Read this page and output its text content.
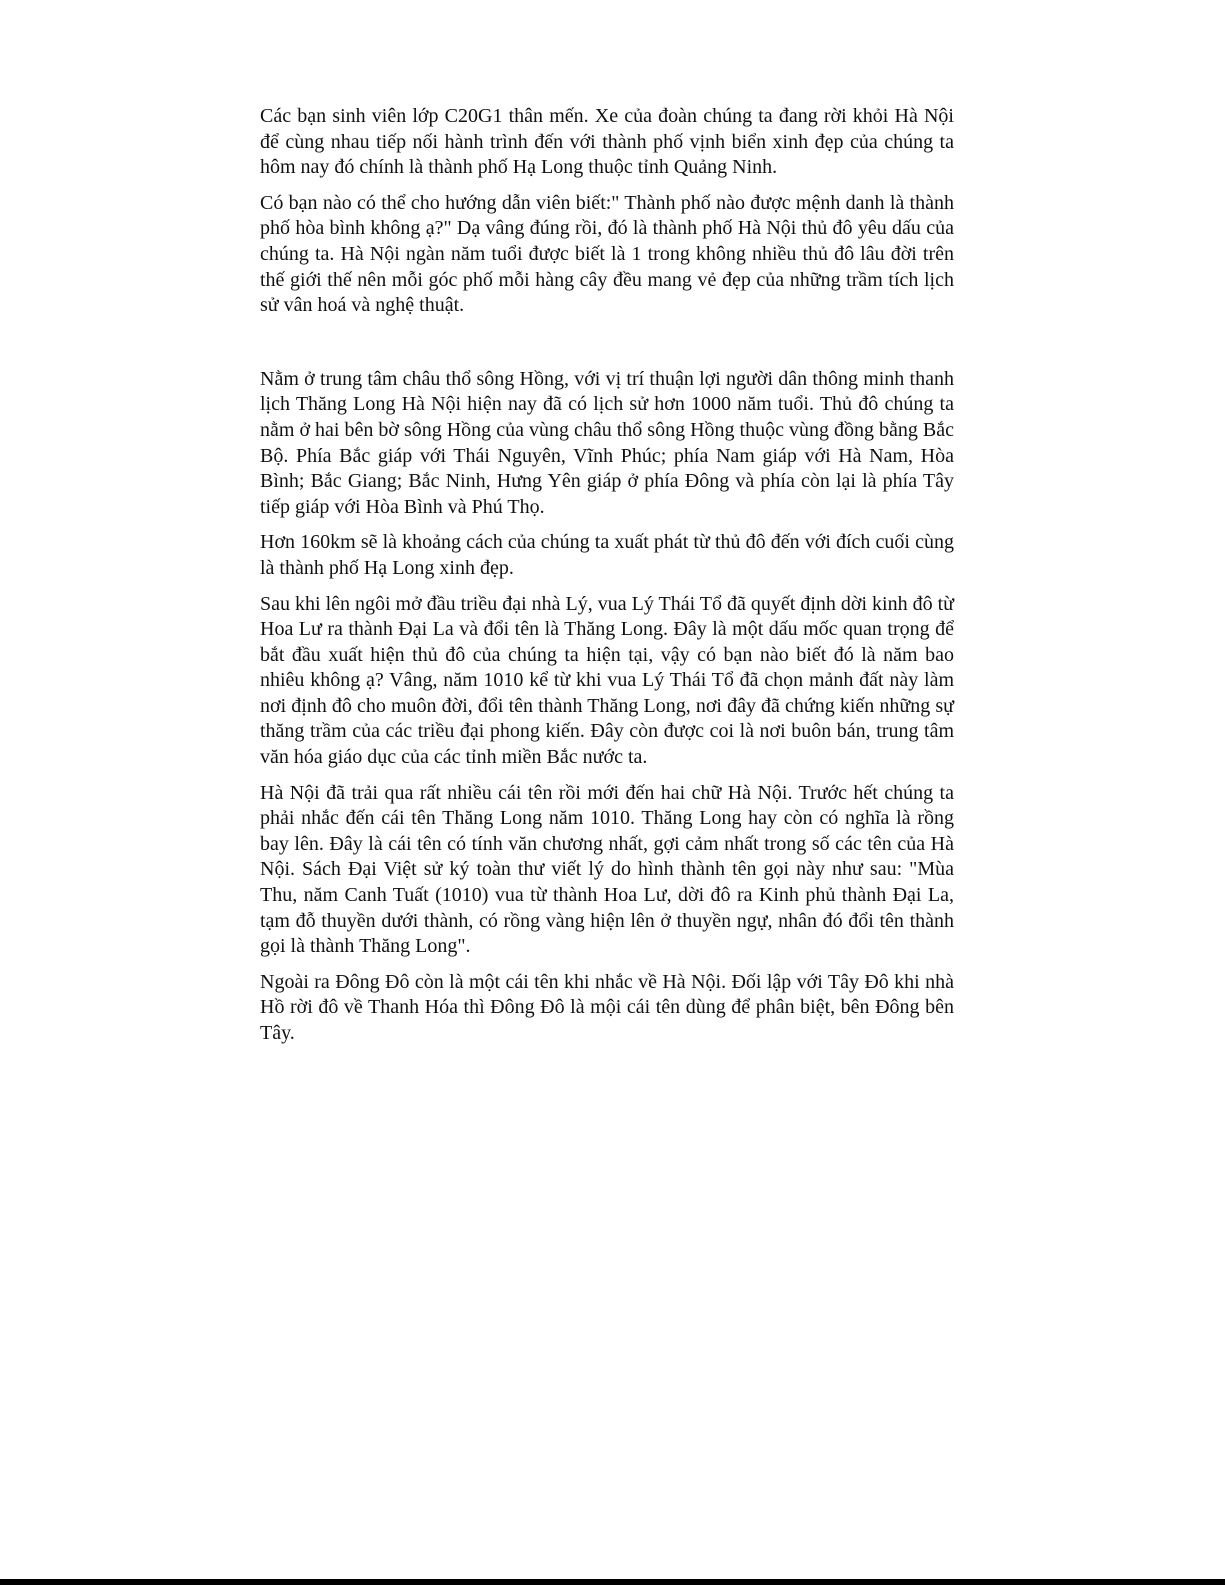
Các bạn sinh viên lớp C20G1 thân mến. Xe của đoàn chúng ta đang rời khỏi Hà Nội để cùng nhau tiếp nối hành trình đến với thành phố vịnh biển xinh đẹp của chúng ta hôm nay đó chính là thành phố Hạ Long thuộc tỉnh Quảng Ninh.

Có bạn nào có thể cho hướng dẫn viên biết:" Thành phố nào được mệnh danh là thành phố hòa bình không ạ?" Dạ vâng đúng rồi, đó là thành phố Hà Nội thủ đô yêu dấu của chúng ta. Hà Nội ngàn năm tuổi được biết là 1 trong không nhiều thủ đô lâu đời trên thế giới thế nên mỗi góc phố mỗi hàng cây đều mang vẻ đẹp của những trầm tích lịch sử vân hoá và nghệ thuật.

Nằm ở trung tâm châu thổ sông Hồng, với vị trí thuận lợi người dân thông minh thanh lịch Thăng Long Hà Nội hiện nay đã có lịch sử hơn 1000 năm tuổi. Thủ đô chúng ta nằm ở hai bên bờ sông Hồng của vùng châu thổ sông Hồng thuộc vùng đồng bằng Bắc Bộ. Phía Bắc giáp với Thái Nguyên, Vĩnh Phúc; phía Nam giáp với Hà Nam, Hòa Bình; Bắc Giang; Bắc Ninh, Hưng Yên giáp ở phía Đông và phía còn lại là phía Tây tiếp giáp với Hòa Bình và Phú Thọ.

Hơn 160km sẽ là khoảng cách của chúng ta xuất phát từ thủ đô đến với đích cuối cùng là thành phố Hạ Long xinh đẹp.

Sau khi lên ngôi mở đầu triều đại nhà Lý, vua Lý Thái Tổ đã quyết định dời kinh đô từ Hoa Lư ra thành Đại La và đổi tên là Thăng Long. Đây là một dấu mốc quan trọng để bắt đầu xuất hiện thủ đô của chúng ta hiện tại, vậy có bạn nào biết đó là năm bao nhiêu không ạ? Vâng, năm 1010 kể từ khi vua Lý Thái Tổ đã chọn mảnh đất này làm nơi định đô cho muôn đời, đổi tên thành Thăng Long, nơi đây đã chứng kiến những sự thăng trầm của các triều đại phong kiến. Đây còn được coi là nơi buôn bán, trung tâm văn hóa giáo dục của các tỉnh miền Bắc nước ta.

Hà Nội đã trải qua rất nhiều cái tên rồi mới đến hai chữ Hà Nội. Trước hết chúng ta phải nhắc đến cái tên Thăng Long năm 1010. Thăng Long hay còn có nghĩa là rồng bay lên. Đây là cái tên có tính văn chương nhất, gợi cảm nhất trong số các tên của Hà Nội. Sách Đại Việt sử ký toàn thư viết lý do hình thành tên gọi này như sau: "Mùa Thu, năm Canh Tuất (1010) vua từ thành Hoa Lư, dời đô ra Kinh phủ thành Đại La, tạm đỗ thuyền dưới thành, có rồng vàng hiện lên ở thuyền ngự, nhân đó đổi tên thành gọi là thành Thăng Long".

Ngoài ra Đông Đô còn là một cái tên khi nhắc về Hà Nội. Đối lập với Tây Đô khi nhà Hồ rời đô về Thanh Hóa thì Đông Đô là mội cái tên dùng để phân biệt, bên Đông bên Tây.
